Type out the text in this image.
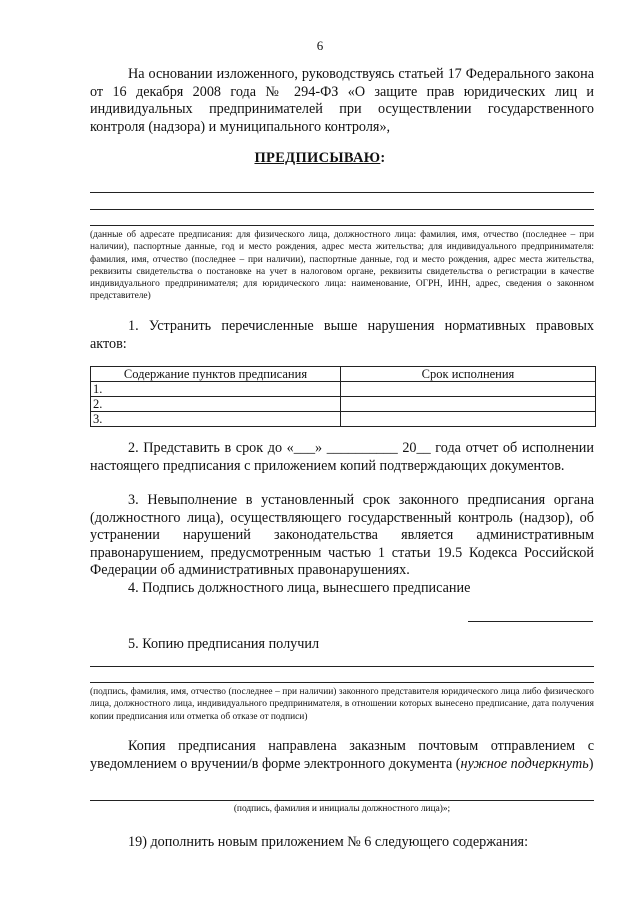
6

На основании изложенного, руководствуясь статьей 17 Федерального закона от 16 декабря 2008 года № 294-ФЗ «О защите прав юридических лиц и индивидуальных предпринимателей при осуществлении государственного контроля (надзора) и муниципального контроля»,

ПРЕДПИСЫВАЮ:

(данные об адресате предписания: для физического лица, должностного лица: фамилия, имя, отчество (последнее – при наличии), паспортные данные, год и место рождения, адрес места жительства; для индивидуального предпринимателя: фамилия, имя, отчество (последнее – при наличии), паспортные данные, год и место рождения, адрес места жительства, реквизиты свидетельства о постановке на учет в налоговом органе, реквизиты свидетельства о регистрации в качестве индивидуального предпринимателя; для юридического лица: наименование, ОГРН, ИНН, адрес, сведения о законном представителе)

1. Устранить перечисленные выше нарушения нормативных правовых актов:

Содержание пунктов предписания	Срок исполнения
1.	
2.	
3.	

2. Представить в срок до «___» __________ 20__ года отчет об исполнении настоящего предписания с приложением копий подтверждающих документов.

3. Невыполнение в установленный срок законного предписания органа (должностного лица), осуществляющего государственный контроль (надзор), об устранении нарушений законодательства является административным правонарушением, предусмотренным частью 1 статьи 19.5 Кодекса Российской Федерации об административных правонарушениях.

4. Подпись должностного лица, вынесшего предписание

5. Копию предписания получил

(подпись, фамилия, имя, отчество (последнее – при наличии) законного представителя юридического лица либо физического лица, должностного лица, индивидуального предпринимателя, в отношении которых вынесено предписание, дата получения копии предписания или отметка об отказе от подписи)

Копия предписания направлена заказным почтовым отправлением с уведомлением о вручении/в форме электронного документа (нужное подчеркнуть)

(подпись, фамилия и инициалы должностного лица)»;

19) дополнить новым приложением № 6 следующего содержания:
